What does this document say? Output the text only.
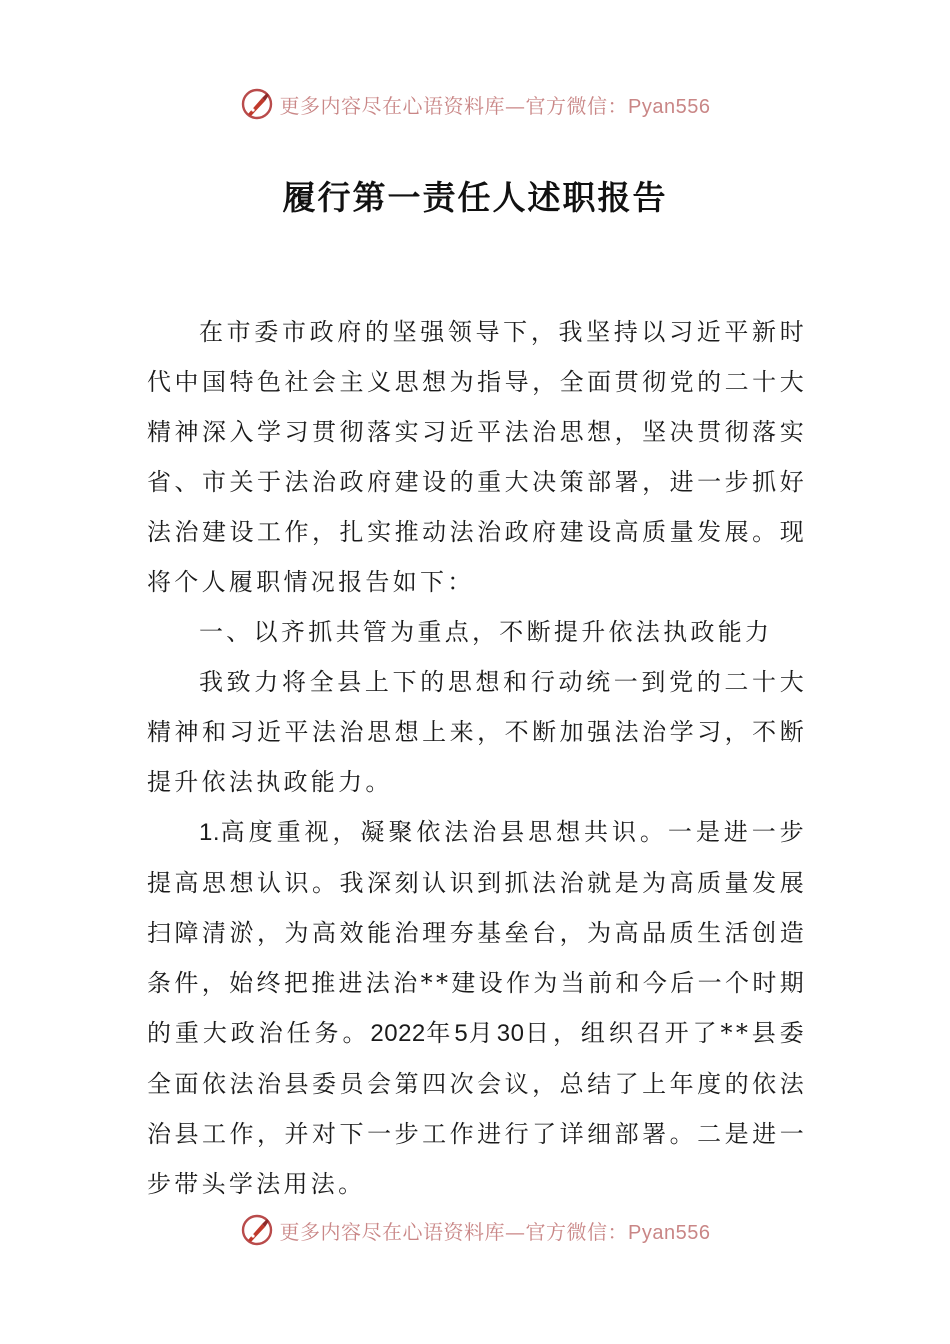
更多内容尽在心语资料库—官方微信：Pyan556
履行第一责任人述职报告

在市委市政府的坚强领导下，我坚持以习近平新时代中国特色社会主义思想为指导，全面贯彻党的二十大精神深入学习贯彻落实习近平法治思想，坚决贯彻落实省、市关于法治政府建设的重大决策部署，进一步抓好法治建设工作，扎实推动法治政府建设高质量发展。现将个人履职情况报告如下：

一、以齐抓共管为重点，不断提升依法执政能力

我致力将全县上下的思想和行动统一到党的二十大精神和习近平法治思想上来，不断加强法治学习，不断提升依法执政能力。

1.高度重视，凝聚依法治县思想共识。一是进一步提高思想认识。我深刻认识到抓法治就是为高质量发展扫障清淤，为高效能治理夯基垒台，为高品质生活创造条件，始终把推进法治**建设作为当前和今后一个时期的重大政治任务。2022年5月30日，组织召开了**县委全面依法治县委员会第四次会议，总结了上年度的依法治县工作，并对下一步工作进行了详细部署。二是进一步带头学法用法。

更多内容尽在心语资料库—官方微信：Pyan556
